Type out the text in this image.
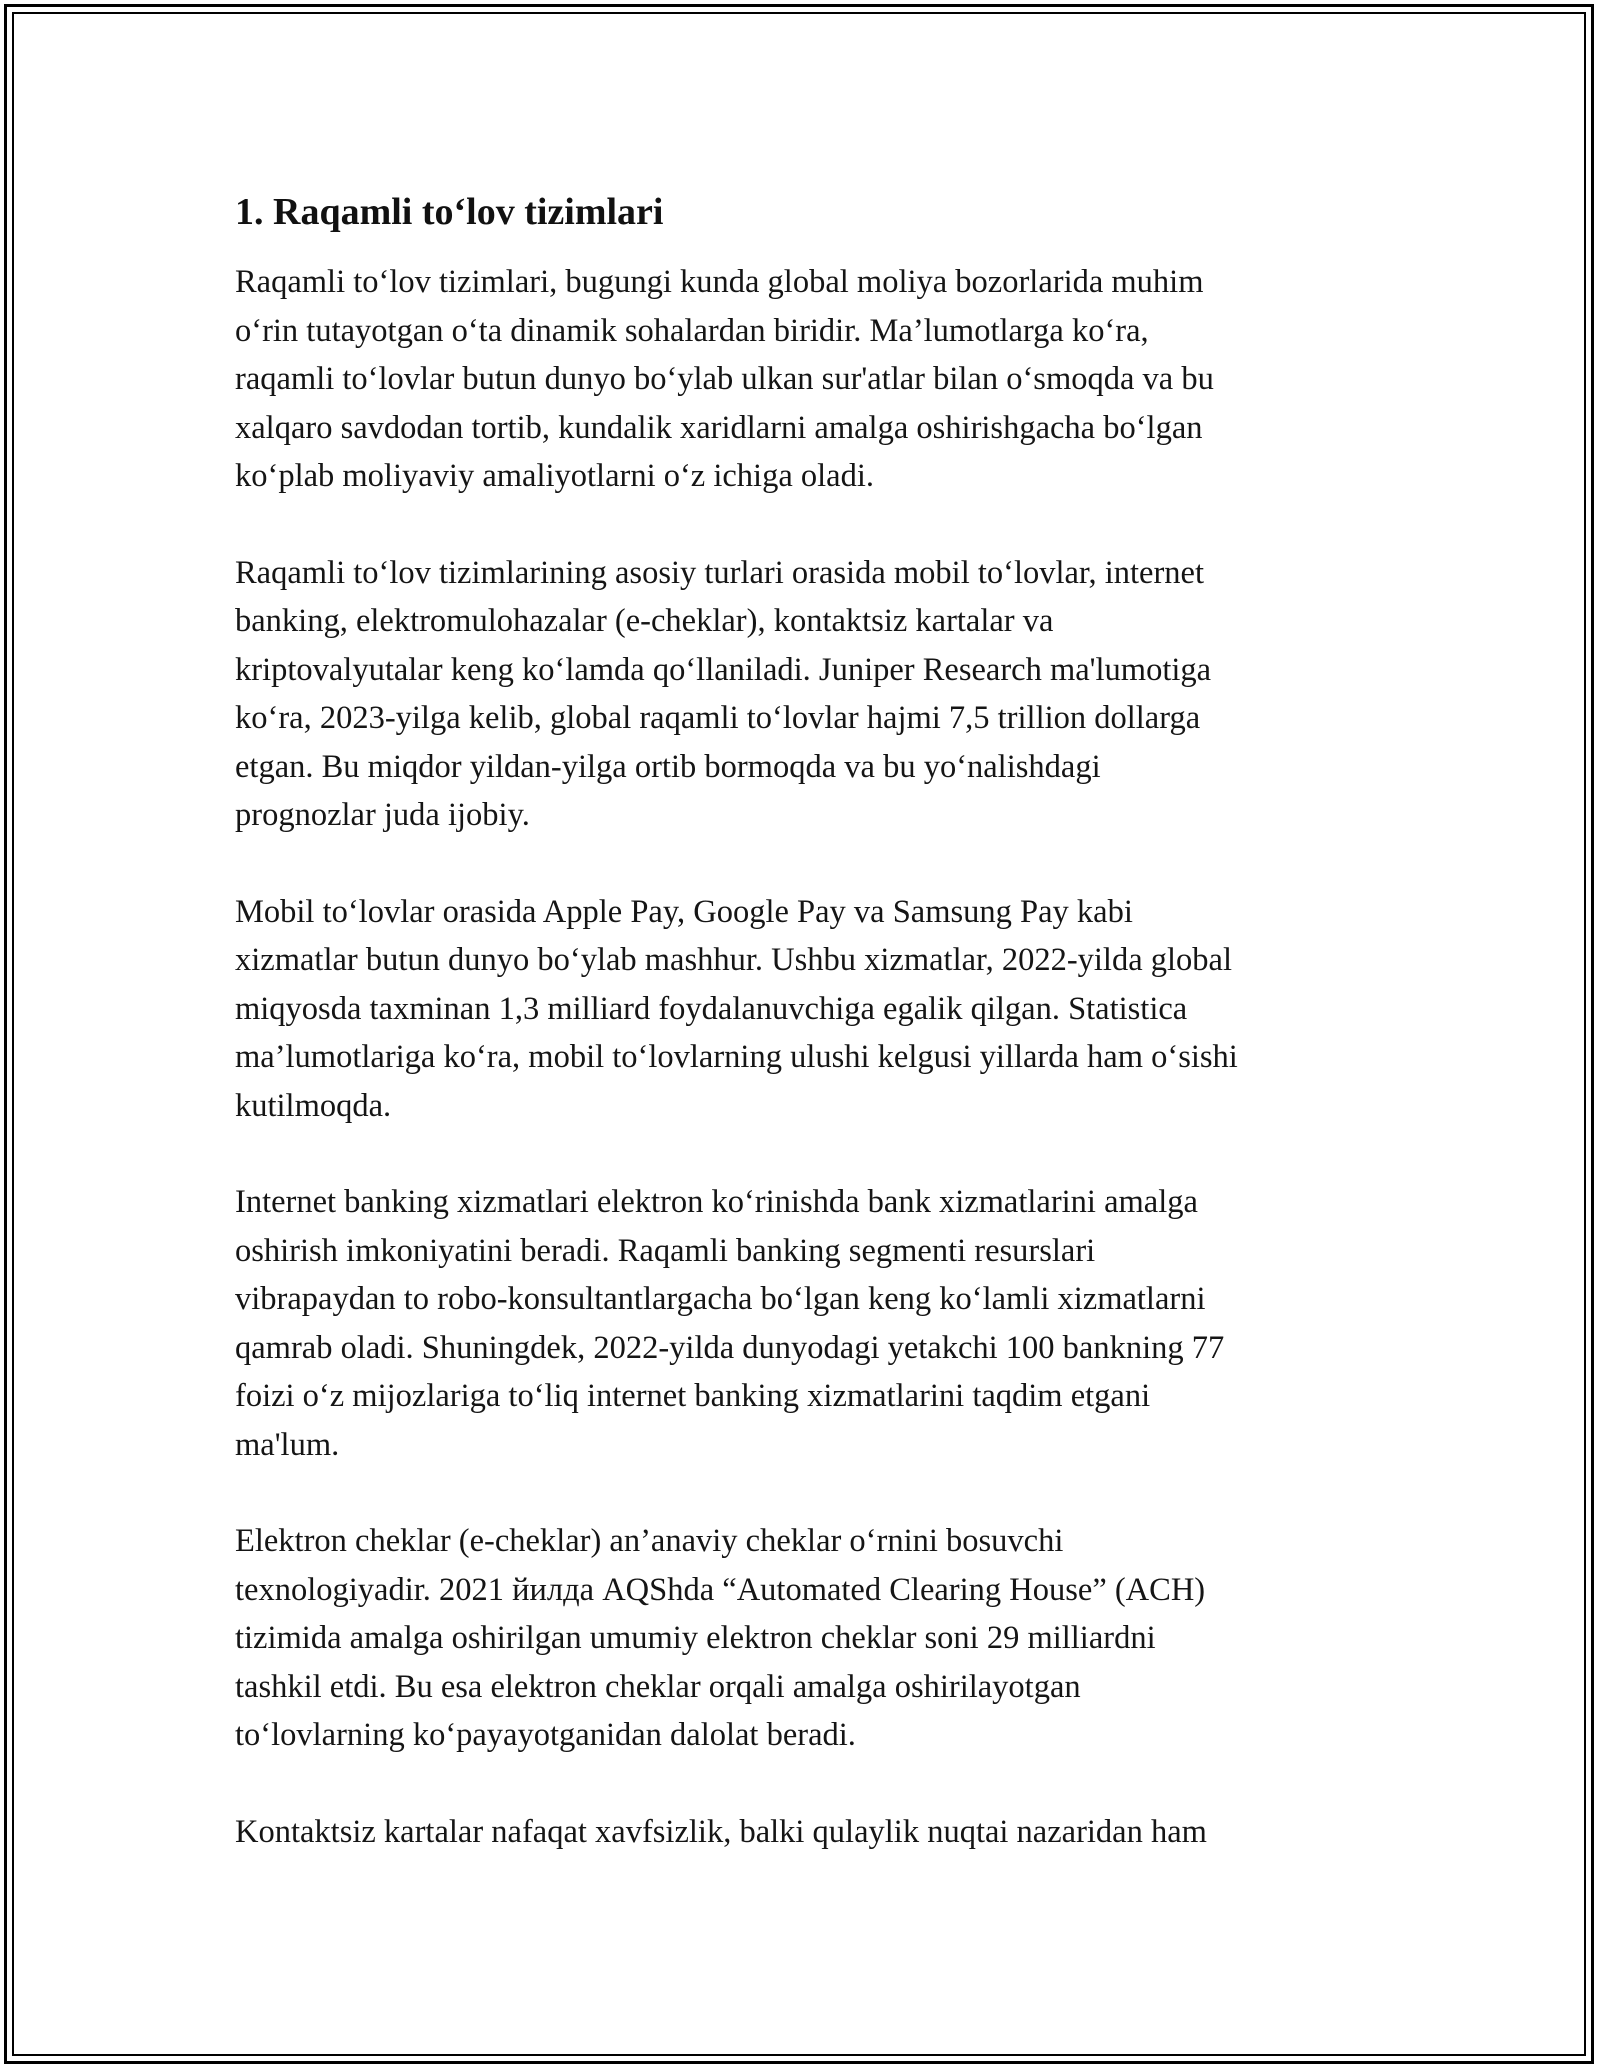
1. Raqamli to‘lov tizimlari

Raqamli to‘lov tizimlari, bugungi kunda global moliya bozorlarida muhim
o‘rin tutayotgan o‘ta dinamik sohalardan biridir. Ma’lumotlarga ko‘ra,
raqamli to‘lovlar butun dunyo bo‘ylab ulkan sur'atlar bilan o‘smoqda va bu
xalqaro savdodan tortib, kundalik xaridlarni amalga oshirishgacha bo‘lgan
ko‘plab moliyaviy amaliyotlarni o‘z ichiga oladi.

Raqamli to‘lov tizimlarining asosiy turlari orasida mobil to‘lovlar, internet
banking, elektromulohazalar (e-cheklar), kontaktsiz kartalar va
kriptovalyutalar keng ko‘lamda qo‘llaniladi. Juniper Research ma'lumotiga
ko‘ra, 2023-yilga kelib, global raqamli to‘lovlar hajmi 7,5 trillion dollarga
etgan. Bu miqdor yildan-yilga ortib bormoqda va bu yo‘nalishdagi
prognozlar juda ijobiy.

Mobil to‘lovlar orasida Apple Pay, Google Pay va Samsung Pay kabi
xizmatlar butun dunyo bo‘ylab mashhur. Ushbu xizmatlar, 2022-yilda global
miqyosda taxminan 1,3 milliard foydalanuvchiga egalik qilgan. Statistica
ma’lumotlariga ko‘ra, mobil to‘lovlarning ulushi kelgusi yillarda ham o‘sishi
kutilmoqda.

Internet banking xizmatlari elektron ko‘rinishda bank xizmatlarini amalga
oshirish imkoniyatini beradi. Raqamli banking segmenti resurslari
vibrapaydan to robo-konsultantlargacha bo‘lgan keng ko‘lamli xizmatlarni
qamrab oladi. Shuningdek, 2022-yilda dunyodagi yetakchi 100 bankning 77
foizi o‘z mijozlariga to‘liq internet banking xizmatlarini taqdim etgani
ma'lum.

Elektron cheklar (e-cheklar) an’anaviy cheklar o‘rnini bosuvchi
texnologiyadir. 2021 йилда AQShda “Automated Clearing House” (ACH)
tizimida amalga oshirilgan umumiy elektron cheklar soni 29 milliardni
tashkil etdi. Bu esa elektron cheklar orqali amalga oshirilayotgan
to‘lovlarning ko‘payayotganidan dalolat beradi.

Kontaktsiz kartalar nafaqat xavfsizlik, balki qulaylik nuqtai nazaridan ham
